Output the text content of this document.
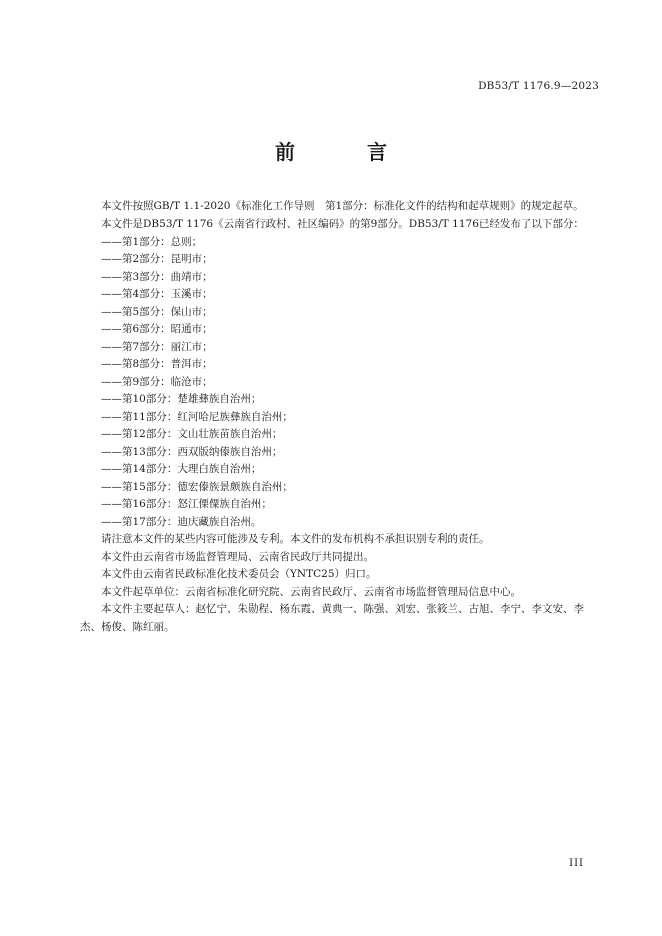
DB53/T 1176.9—2023
前　言

本文件按照GB/T 1.1-2020《标准化工作导则　第1部分：标准化文件的结构和起草规则》的规定起草。

本文件是DB53/T 1176《云南省行政村、社区编码》的第9部分。DB53/T 1176已经发布了以下部分：

——第1部分：总则；
——第2部分：昆明市；
——第3部分：曲靖市；
——第4部分：玉溪市；
——第5部分：保山市；
——第6部分：昭通市；
——第7部分：丽江市；
——第8部分：普洱市；
——第9部分：临沧市；
——第10部分：楚雄彝族自治州；
——第11部分：红河哈尼族彝族自治州；
——第12部分：文山壮族苗族自治州；
——第13部分：西双版纳傣族自治州；
——第14部分：大理白族自治州；
——第15部分：德宏傣族景颇族自治州；
——第16部分：怒江傈僳族自治州；
——第17部分：迪庆藏族自治州。

请注意本文件的某些内容可能涉及专利。本文件的发布机构不承担识别专利的责任。

本文件由云南省市场监督管理局、云南省民政厅共同提出。

本文件由云南省民政标准化技术委员会（YNTC25）归口。

本文件起草单位：云南省标准化研究院、云南省民政厅、云南省市场监督管理局信息中心。

本文件主要起草人：赵忆宁、朱勋程、杨东霞、黄典一、陈强、刘宏、张筱兰、古旭、李宁、李文安、李杰、杨俊、陈红丽。

III
